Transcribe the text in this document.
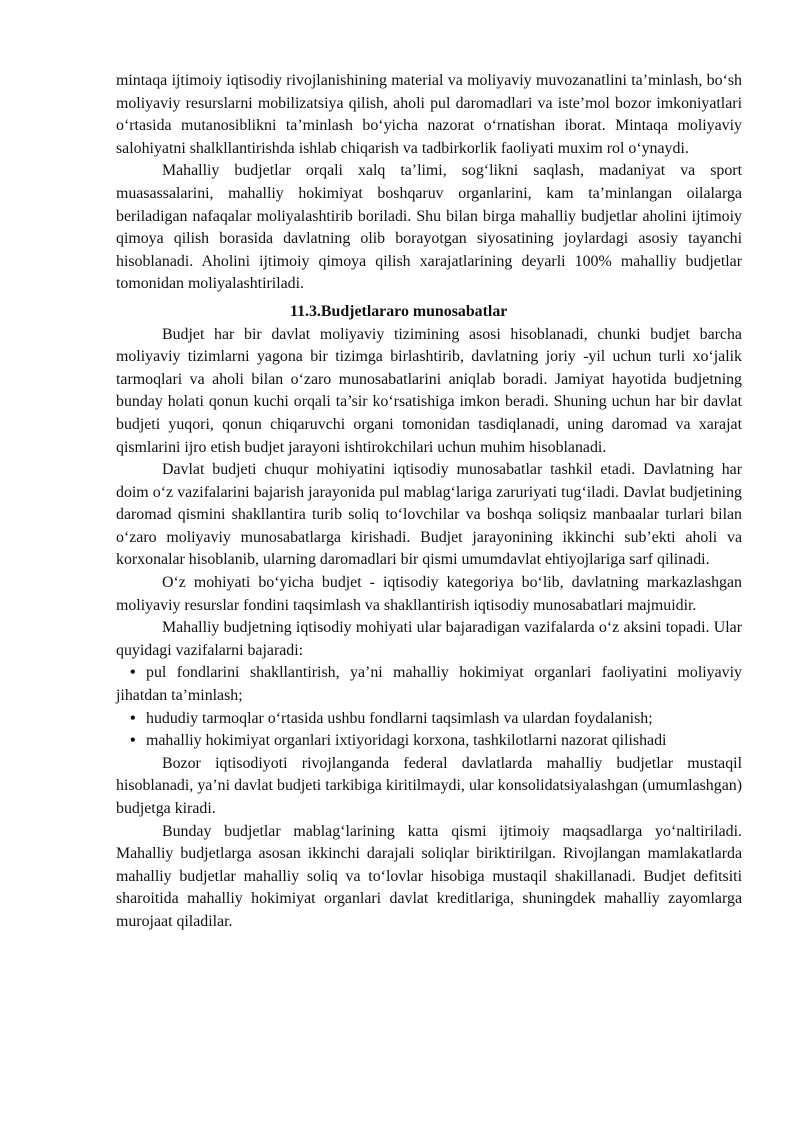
mintaqa ijtimoiy iqtisodiy rivojlanishining material va moliyaviy muvozanatlini ta’minlash, bo‘sh moliyaviy resurslarni mobilizatsiya qilish, aholi pul daromadlari va iste’mol bozor imkoniyatlari o‘rtasida mutanosiblikni ta’minlash bo‘yicha nazorat o‘rnatishan iborat. Mintaqa moliyaviy salohiyatni shalkllantirishda ishlab chiqarish va tadbirkorlik faoliyati muxim rol o‘ynaydi.

Mahalliy budjetlar orqali xalq ta’limi, sog‘likni saqlash, madaniyat va sport muasassalarini, mahalliy hokimiyat boshqaruv organlarini, kam ta’minlangan oilalarga beriladigan nafaqalar moliyalashtirib boriladi. Shu bilan birga mahalliy budjetlar aholini ijtimoiy qimoya qilish borasida davlatning olib borayotgan siyosatining joylardagi asosiy tayanchi hisoblanadi. Aholini ijtimoiy qimoya qilish xarajatlarining deyarli 100% mahalliy budjetlar tomonidan moliyalashtiriladi.

11.3.Budjetlararo munosabatlar

Budjet har bir davlat moliyaviy tizimining asosi hisoblanadi, chunki budjet barcha moliyaviy tizimlarni yagona bir tizimga birlashtirib, davlatning joriy -yil uchun turli xo‘jalik tarmoqlari va aholi bilan o‘zaro munosabatlarini aniqlab boradi. Jamiyat hayotida budjetning bunday holati qonun kuchi orqali ta’sir ko‘rsatishiga imkon beradi. Shuning uchun har bir davlat budjeti yuqori, qonun chiqaruvchi organi tomonidan tasdiqlanadi, uning daromad va xarajat qismlarini ijro etish budjet jarayoni ishtirokchilari uchun muhim hisoblanadi.

Davlat budjeti chuqur mohiyatini iqtisodiy munosabatlar tashkil etadi. Davlatning har doim o‘z vazifalarini bajarish jarayonida pul mablag‘lariga zaruriyati tug‘iladi. Davlat budjetining daromad qismini shakllantira turib soliq to‘lovchilar va boshqa soliqsiz manbaalar turlari bilan o‘zaro moliyaviy munosabatlarga kirishadi. Budjet jarayonining ikkinchi sub’ekti aholi va korxonalar hisoblanib, ularning daromadlari bir qismi umumdavlat ehtiyojlariga sarf qilinadi.

O‘z mohiyati bo‘yicha budjet - iqtisodiy kategoriya bo‘lib, davlatning markazlashgan moliyaviy resurslar fondini taqsimlash va shakllantirish iqtisodiy munosabatlari majmuidir.

Mahalliy budjetning iqtisodiy mohiyati ular bajaradigan vazifalarda o‘z aksini topadi. Ular quyidagi vazifalarni bajaradi:

• pul fondlarini shakllantirish, ya’ni mahalliy hokimiyat organlari faoliyatini moliyaviy jihatdan ta’minlash;

• hududiy tarmoqlar o‘rtasida ushbu fondlarni taqsimlash va ulardan foydalanish;

• mahalliy hokimiyat organlari ixtiyoridagi korxona, tashkilotlarni nazorat qilishadi

Bozor iqtisodiyoti rivojlanganda federal davlatlarda mahalliy budjetlar mustaqil hisoblanadi, ya’ni davlat budjeti tarkibiga kiritilmaydi, ular konsolidatsiyalashgan (umumlashgan) budjetga kiradi.

Bunday budjetlar mablag‘larining katta qismi ijtimoiy maqsadlarga yo‘naltiriladi. Mahalliy budjetlarga asosan ikkinchi darajali soliqlar biriktirilgan. Rivojlangan mamlakatlarda mahalliy budjetlar mahalliy soliq va to‘lovlar hisobiga mustaqil shakillanadi. Budjet defitsiti sharoitida mahalliy hokimiyat organlari davlat kreditlariga, shuningdek mahalliy zayomlarga murojaat qiladilar.
